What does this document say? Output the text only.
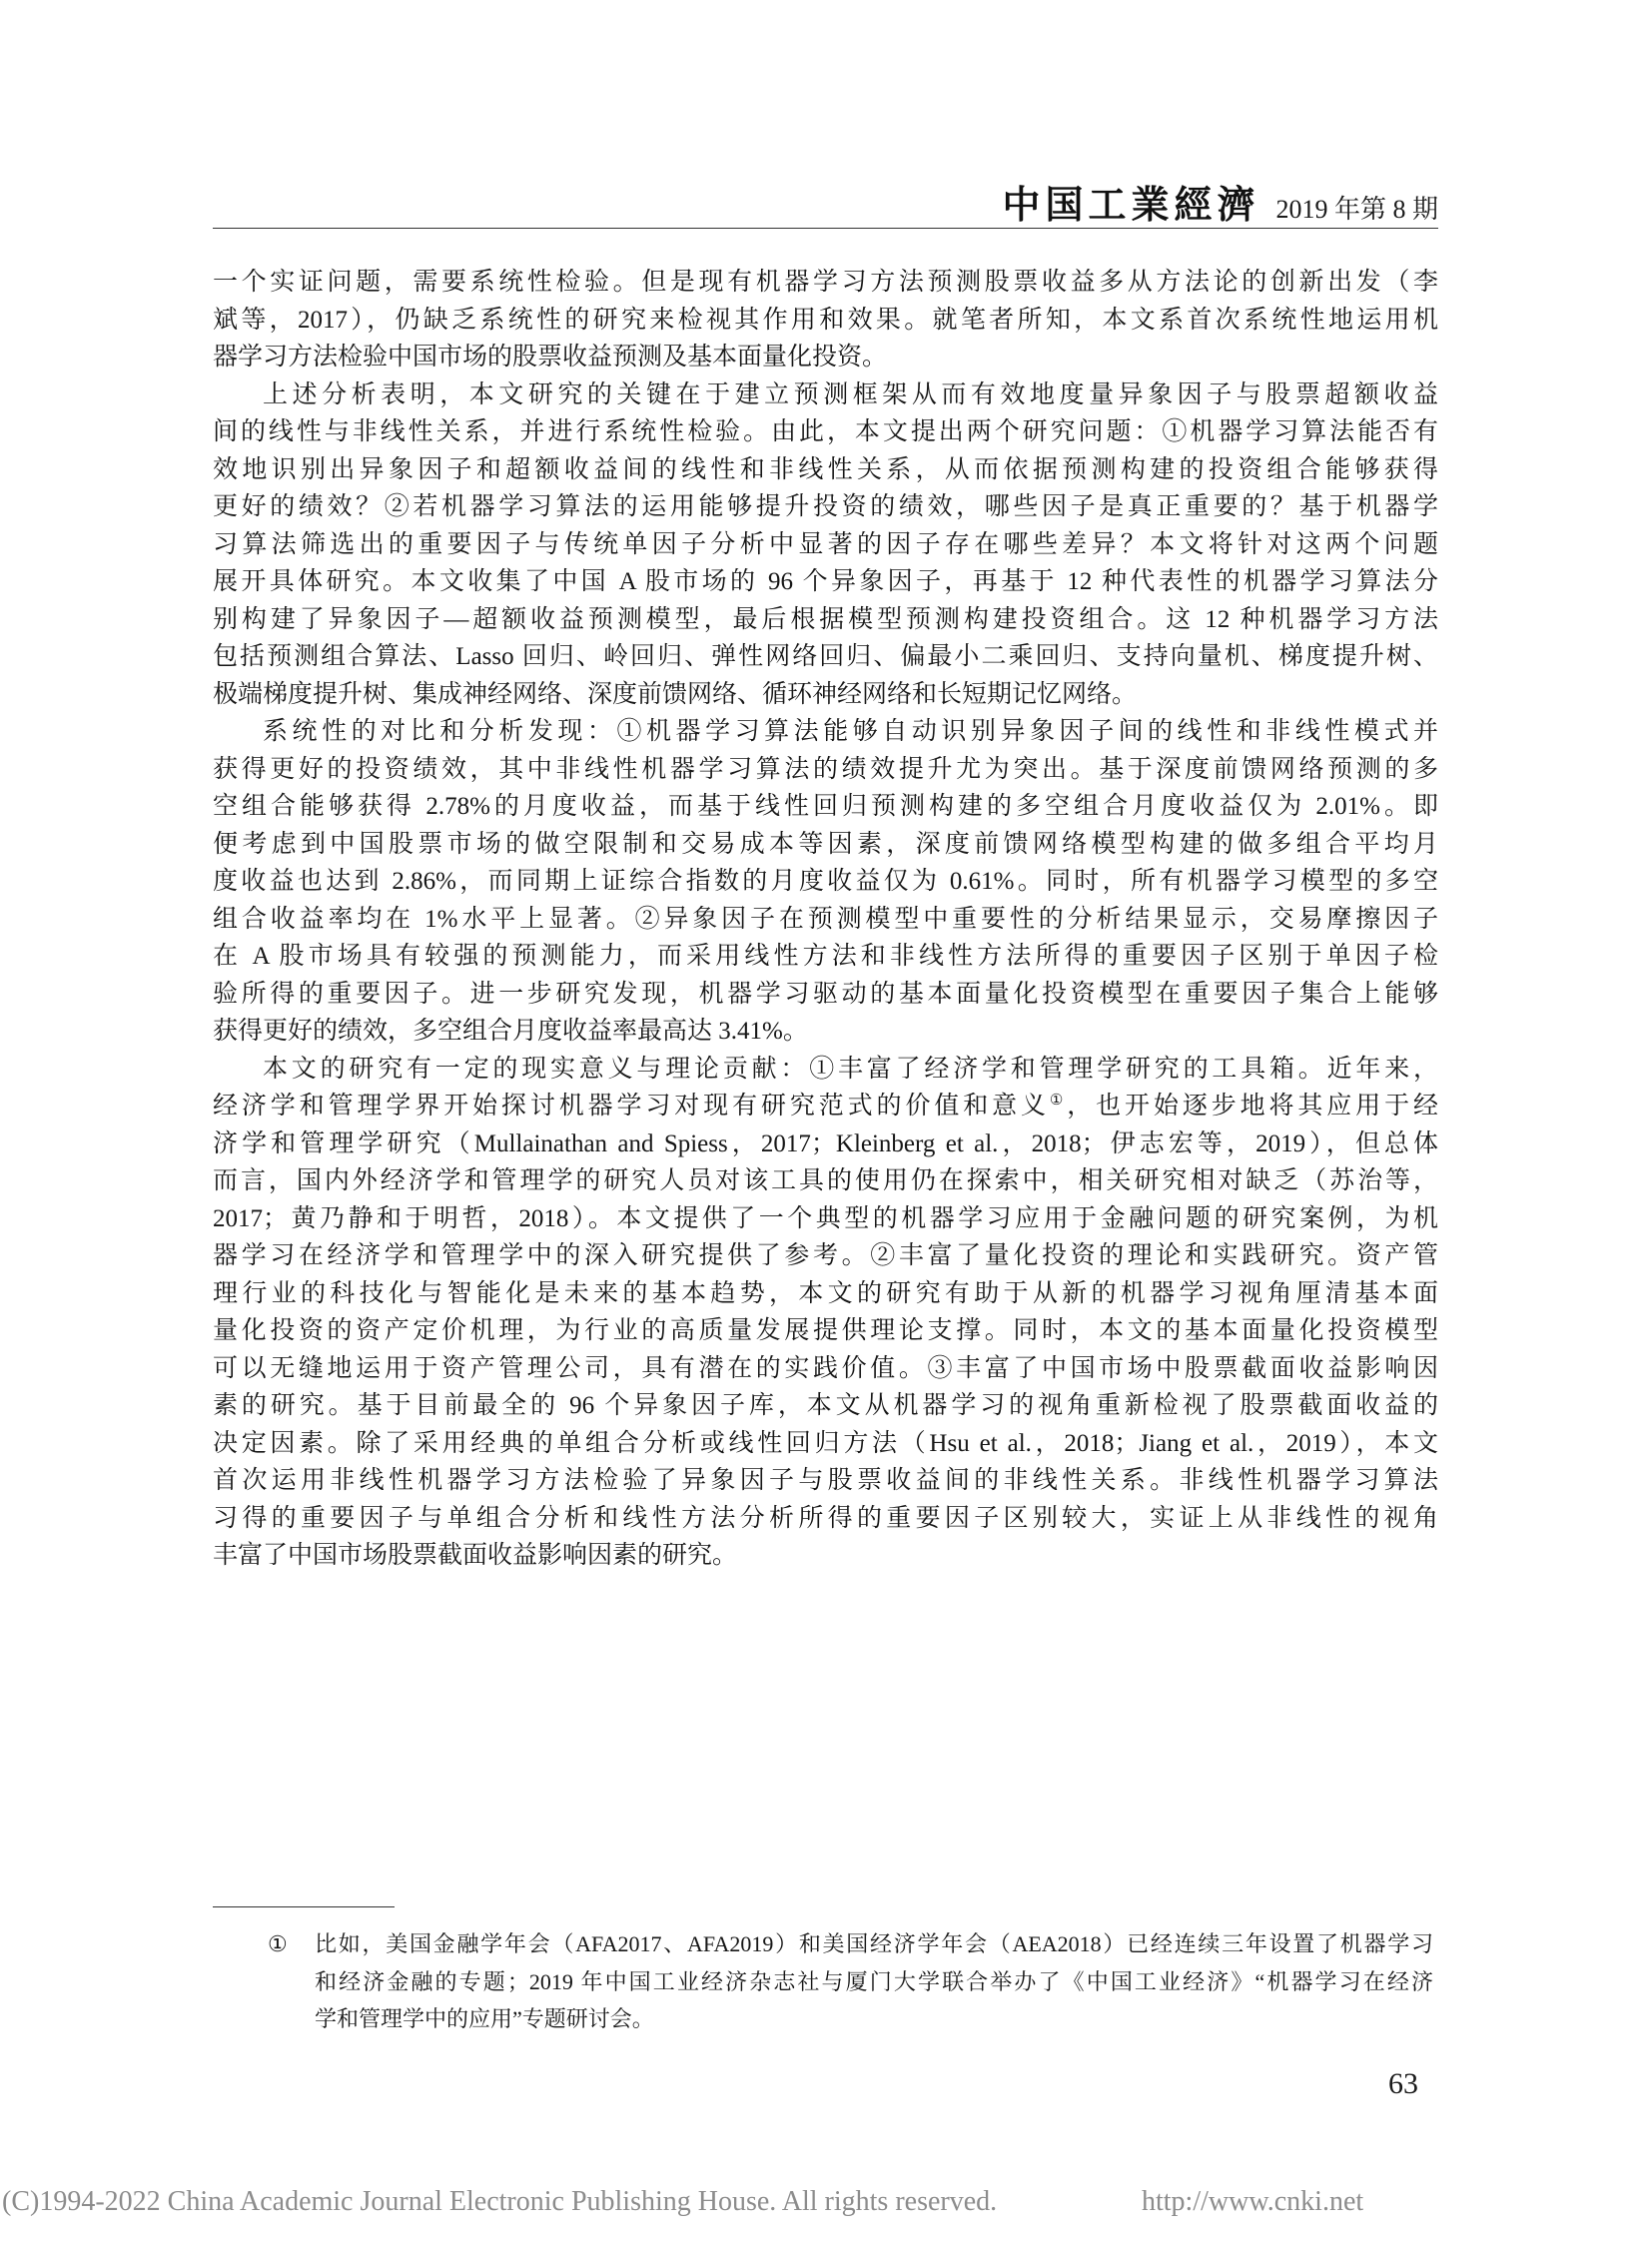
中国工業經濟 2019 年第 8 期
一个实证问题，需要系统性检验。但是现有机器学习方法预测股票收益多从方法论的创新出发（李
斌等，2017），仍缺乏系统性的研究来检视其作用和效果。就笔者所知，本文系首次系统性地运用机
器学习方法检验中国市场的股票收益预测及基本面量化投资。
上述分析表明，本文研究的关键在于建立预测框架从而有效地度量异象因子与股票超额收益
间的线性与非线性关系，并进行系统性检验。由此，本文提出两个研究问题：①机器学习算法能否有
效地识别出异象因子和超额收益间的线性和非线性关系，从而依据预测构建的投资组合能够获得
更好的绩效？②若机器学习算法的运用能够提升投资的绩效，哪些因子是真正重要的？基于机器学
习算法筛选出的重要因子与传统单因子分析中显著的因子存在哪些差异？本文将针对这两个问题
展开具体研究。本文收集了中国 A 股市场的 96 个异象因子，再基于 12 种代表性的机器学习算法分
别构建了异象因子—超额收益预测模型，最后根据模型预测构建投资组合。这 12 种机器学习方法
包括预测组合算法、Lasso 回归、岭回归、弹性网络回归、偏最小二乘回归、支持向量机、梯度提升树、
极端梯度提升树、集成神经网络、深度前馈网络、循环神经网络和长短期记忆网络。
系统性的对比和分析发现：①机器学习算法能够自动识别异象因子间的线性和非线性模式并
获得更好的投资绩效，其中非线性机器学习算法的绩效提升尤为突出。基于深度前馈网络预测的多
空组合能够获得 2.78%的月度收益，而基于线性回归预测构建的多空组合月度收益仅为 2.01%。即
便考虑到中国股票市场的做空限制和交易成本等因素，深度前馈网络模型构建的做多组合平均月
度收益也达到 2.86%，而同期上证综合指数的月度收益仅为 0.61%。同时，所有机器学习模型的多空
组合收益率均在 1%水平上显著。②异象因子在预测模型中重要性的分析结果显示，交易摩擦因子
在 A 股市场具有较强的预测能力，而采用线性方法和非线性方法所得的重要因子区别于单因子检
验所得的重要因子。进一步研究发现，机器学习驱动的基本面量化投资模型在重要因子集合上能够
获得更好的绩效，多空组合月度收益率最高达 3.41%。
本文的研究有一定的现实意义与理论贡献：①丰富了经济学和管理学研究的工具箱。近年来，
经济学和管理学界开始探讨机器学习对现有研究范式的价值和意义①，也开始逐步地将其应用于经
济学和管理学研究（Mullainathan and Spiess，2017；Kleinberg et al.，2018；伊志宏等，2019），但总体
而言，国内外经济学和管理学的研究人员对该工具的使用仍在探索中，相关研究相对缺乏（苏治等，
2017；黄乃静和于明哲，2018）。本文提供了一个典型的机器学习应用于金融问题的研究案例，为机
器学习在经济学和管理学中的深入研究提供了参考。②丰富了量化投资的理论和实践研究。资产管
理行业的科技化与智能化是未来的基本趋势，本文的研究有助于从新的机器学习视角厘清基本面
量化投资的资产定价机理，为行业的高质量发展提供理论支撑。同时，本文的基本面量化投资模型
可以无缝地运用于资产管理公司，具有潜在的实践价值。③丰富了中国市场中股票截面收益影响因
素的研究。基于目前最全的 96 个异象因子库，本文从机器学习的视角重新检视了股票截面收益的
决定因素。除了采用经典的单组合分析或线性回归方法（Hsu et al.，2018；Jiang et al.，2019），本文
首次运用非线性机器学习方法检验了异象因子与股票收益间的非线性关系。非线性机器学习算法
习得的重要因子与单组合分析和线性方法分析所得的重要因子区别较大，实证上从非线性的视角
丰富了中国市场股票截面收益影响因素的研究。
① 比如，美国金融学年会（AFA2017、AFA2019）和美国经济学年会（AEA2018）已经连续三年设置了机器学习
和经济金融的专题；2019 年中国工业经济杂志社与厦门大学联合举办了《中国工业经济》“机器学习在经济
学和管理学中的应用”专题研讨会。
63
(C)1994-2022 China Academic Journal Electronic Publishing House. All rights reserved.	http://www.cnki.net
